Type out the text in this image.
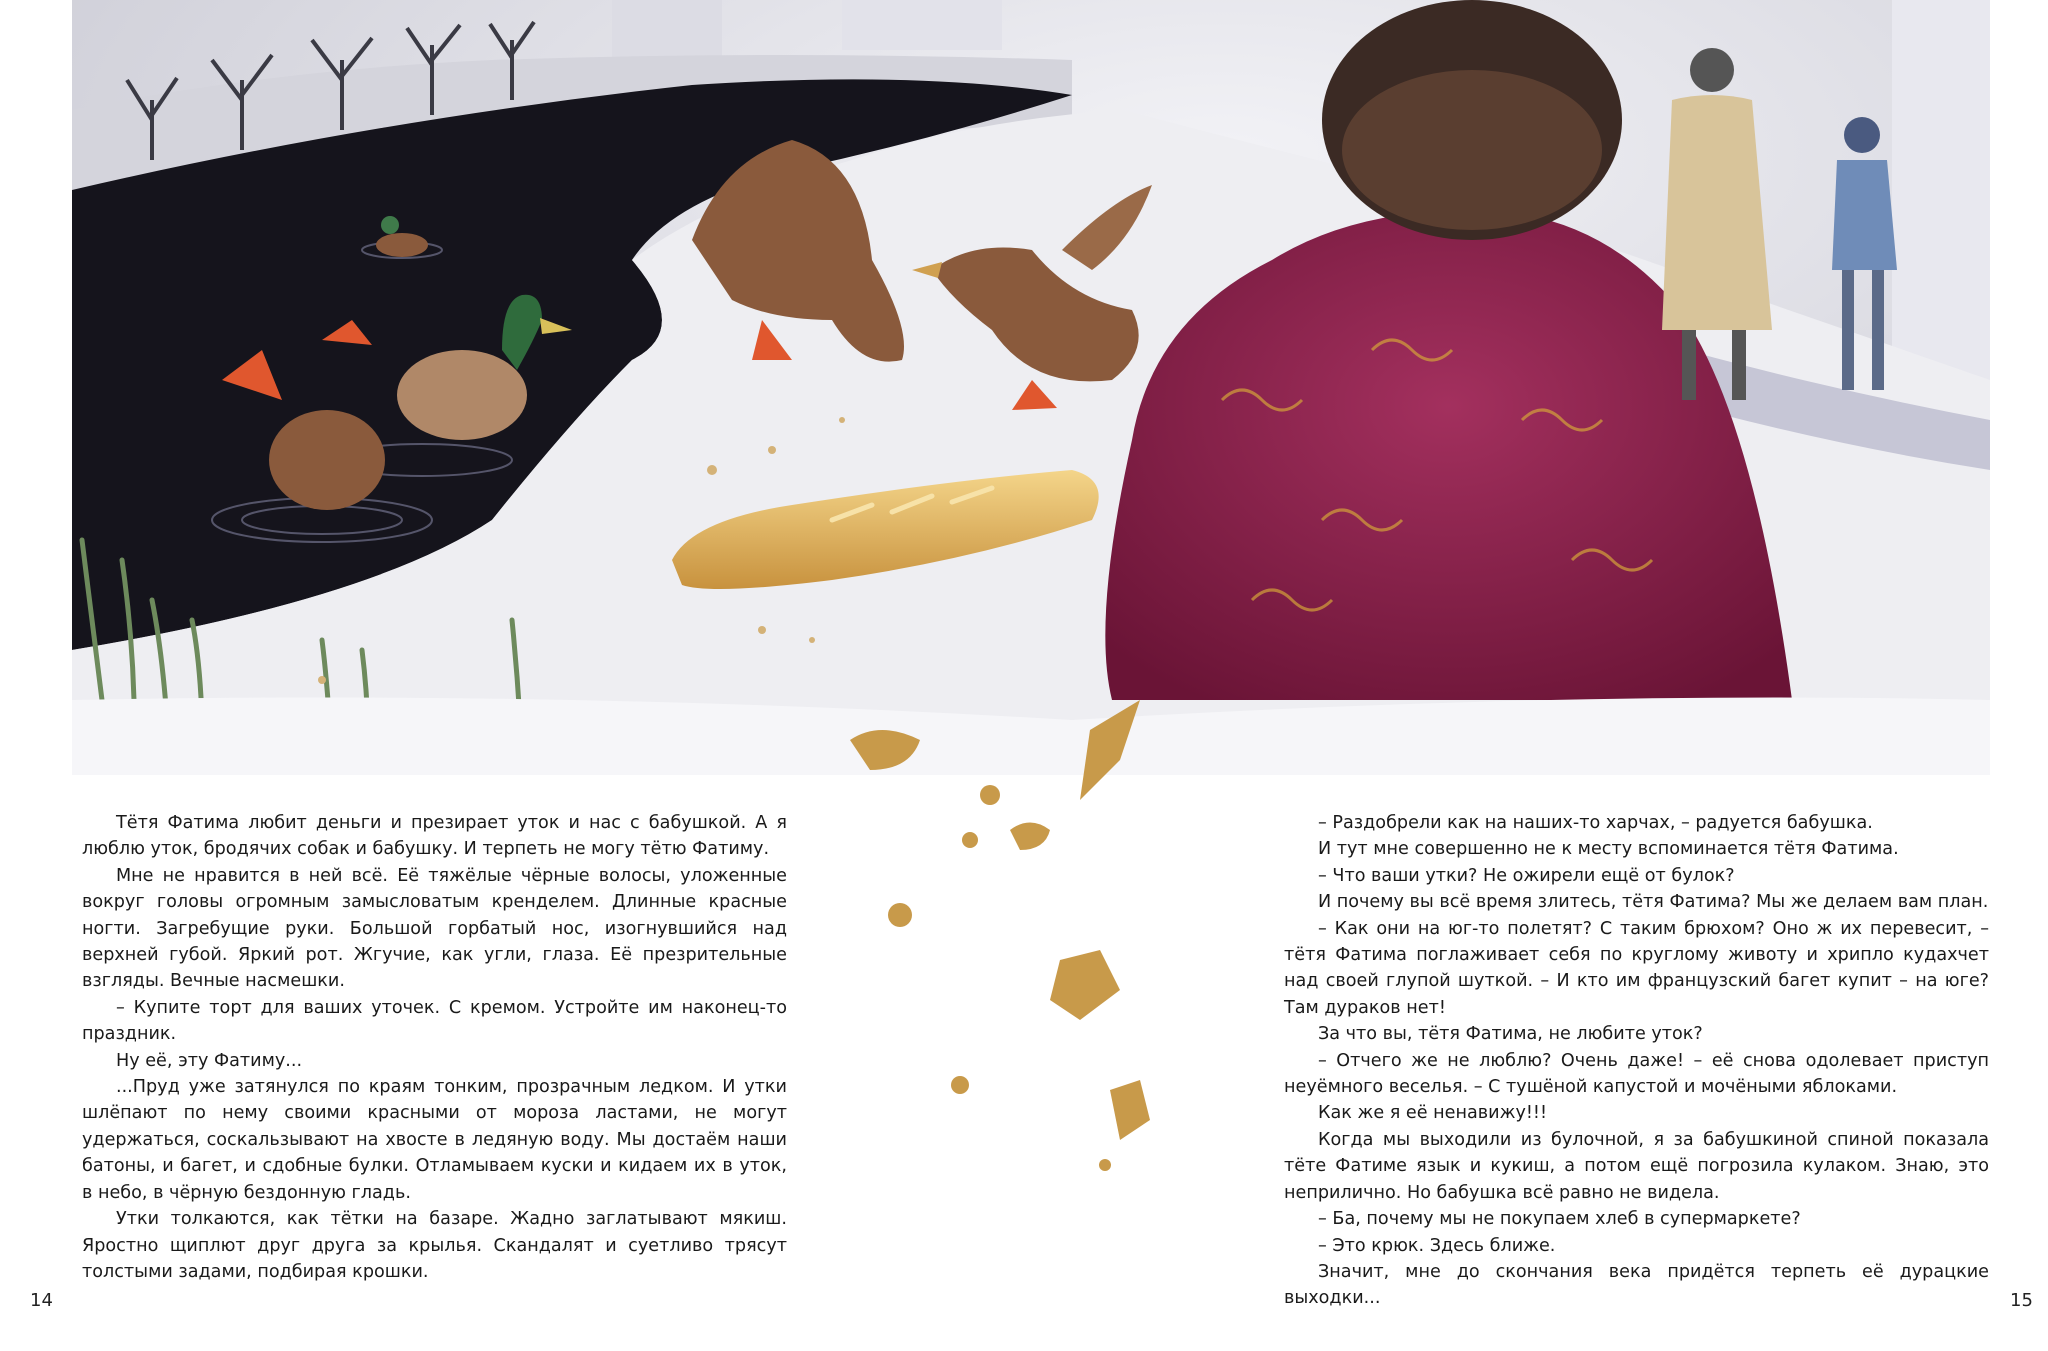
Тётя Фатима любит деньги и презирает уток и нас с бабушкой. А я люблю уток, бродячих собак и бабушку. И терпеть не могу тётю Фатиму.

Мне не нравится в ней всё. Её тяжёлые чёрные волосы, уложенные вокруг головы огромным замысловатым кренделем. Длинные красные ногти. Загребущие руки. Большой горбатый нос, изогнувшийся над верхней губой. Яркий рот. Жгучие, как угли, глаза. Её презрительные взгляды. Вечные насмешки.

– Купите торт для ваших уточек. С кремом. Устройте им наконец-то праздник.

Ну её, эту Фатиму...

...Пруд уже затянулся по краям тонким, прозрачным ледком. И утки шлёпают по нему своими красными от мороза ластами, не могут удержаться, соскальзывают на хвосте в ледяную воду. Мы достаём наши батоны, и багет, и сдобные булки. Отламываем куски и кидаем их в уток, в небо, в чёрную бездонную гладь.

Утки толкаются, как тётки на базаре. Жадно заглатывают мякиш. Яростно щиплют друг друга за крылья. Скандалят и суетливо трясут толстыми задами, подбирая крошки.

– Раздобрели как на наших-то харчах, – радуется бабушка.

И тут мне совершенно не к месту вспоминается тётя Фатима.

– Что ваши утки? Не ожирели ещё от булок?

И почему вы всё время злитесь, тётя Фатима? Мы же делаем вам план.

– Как они на юг-то полетят? С таким брюхом? Оно ж их перевесит, – тётя Фатима поглаживает себя по круглому животу и хрипло кудахчет над своей глупой шуткой. – И кто им французский багет купит – на юге? Там дураков нет!

За что вы, тётя Фатима, не любите уток?

– Отчего же не люблю? Очень даже! – её снова одолевает приступ неуёмного веселья. – С тушёной капустой и мочёными яблоками.

Как же я её ненавижу!!!

Когда мы выходили из булочной, я за бабушкиной спиной показала тёте Фатиме язык и кукиш, а потом ещё погрозила кулаком. Знаю, это неприлично. Но бабушка всё равно не видела.

– Ба, почему мы не покупаем хлеб в супермаркете?

– Это крюк. Здесь ближе.

Значит, мне до скончания века придётся терпеть её дурацкие выходки...

14	15
